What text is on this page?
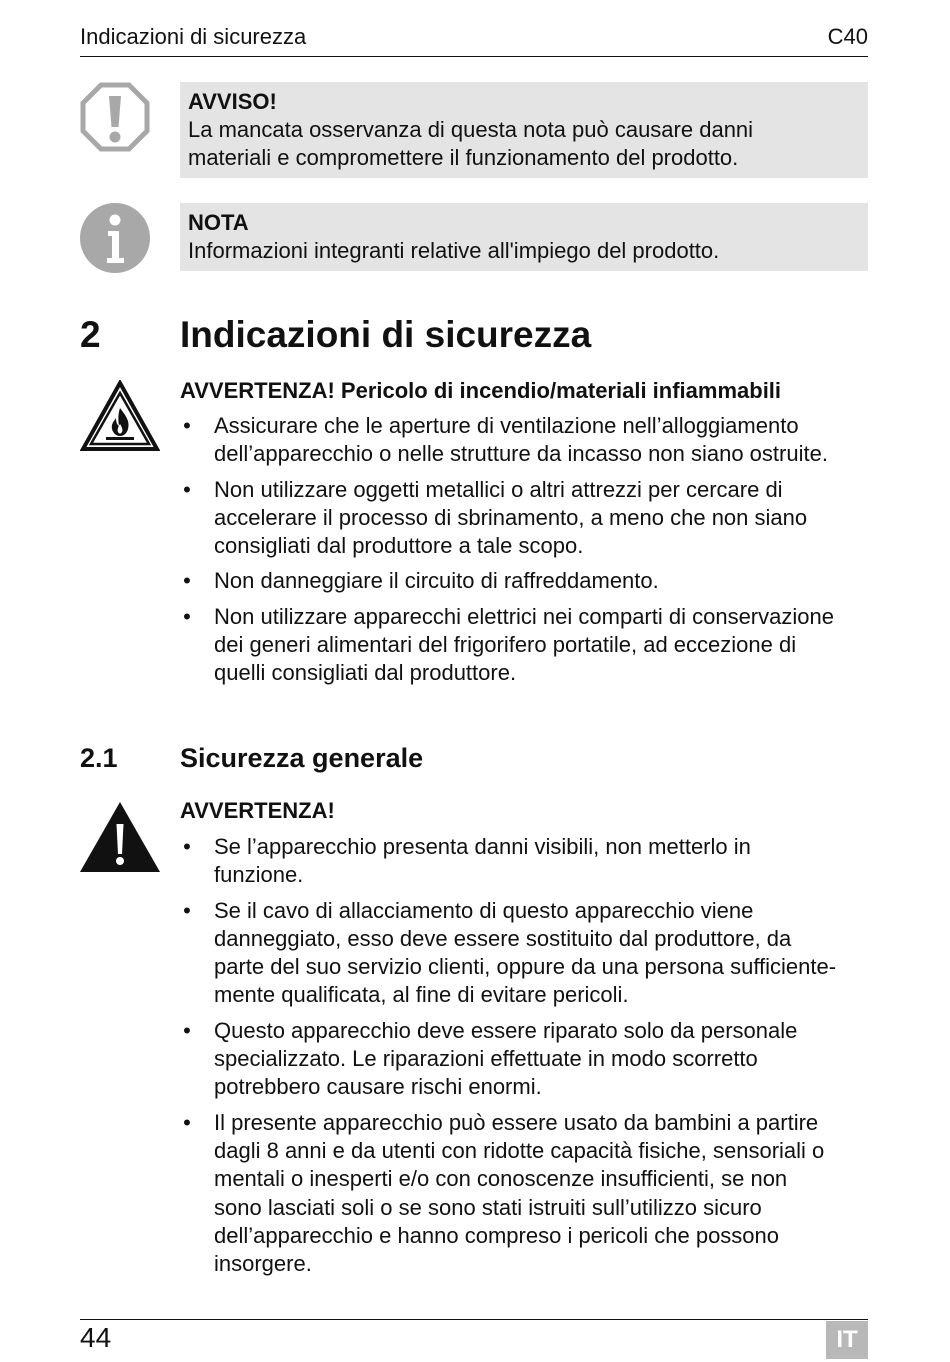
Indicazioni di sicurezza	C40
AVVISO!
La mancata osservanza di questa nota può causare danni
materiali e compromettere il funzionamento del prodotto.
NOTA
Informazioni integranti relative all'impiego del prodotto.
2 Indicazioni di sicurezza
AVVERTENZA! Pericolo di incendio/materiali infiammabili
• Assicurare che le aperture di ventilazione nell’alloggiamento
dell’apparecchio o nelle strutture da incasso non siano ostruite.
• Non utilizzare oggetti metallici o altri attrezzi per cercare di
accelerare il processo di sbrinamento, a meno che non siano
consigliati dal produttore a tale scopo.
• Non danneggiare il circuito di raffreddamento.
• Non utilizzare apparecchi elettrici nei comparti di conservazione
dei generi alimentari del frigorifero portatile, ad eccezione di
quelli consigliati dal produttore.
2.1 Sicurezza generale
AVVERTENZA!
• Se l’apparecchio presenta danni visibili, non metterlo in
funzione.
• Se il cavo di allacciamento di questo apparecchio viene
danneggiato, esso deve essere sostituito dal produttore, da
parte del suo servizio clienti, oppure da una persona sufficiente-
mente qualificata, al fine di evitare pericoli.
• Questo apparecchio deve essere riparato solo da personale
specializzato. Le riparazioni effettuate in modo scorretto
potrebbero causare rischi enormi.
• Il presente apparecchio può essere usato da bambini a partire
dagli 8 anni e da utenti con ridotte capacità fisiche, sensoriali o
mentali o inesperti e/o con conoscenze insufficienti, se non
sono lasciati soli o se sono stati istruiti sull’utilizzo sicuro
dell’apparecchio e hanno compreso i pericoli che possono
insorgere.
44	IT
